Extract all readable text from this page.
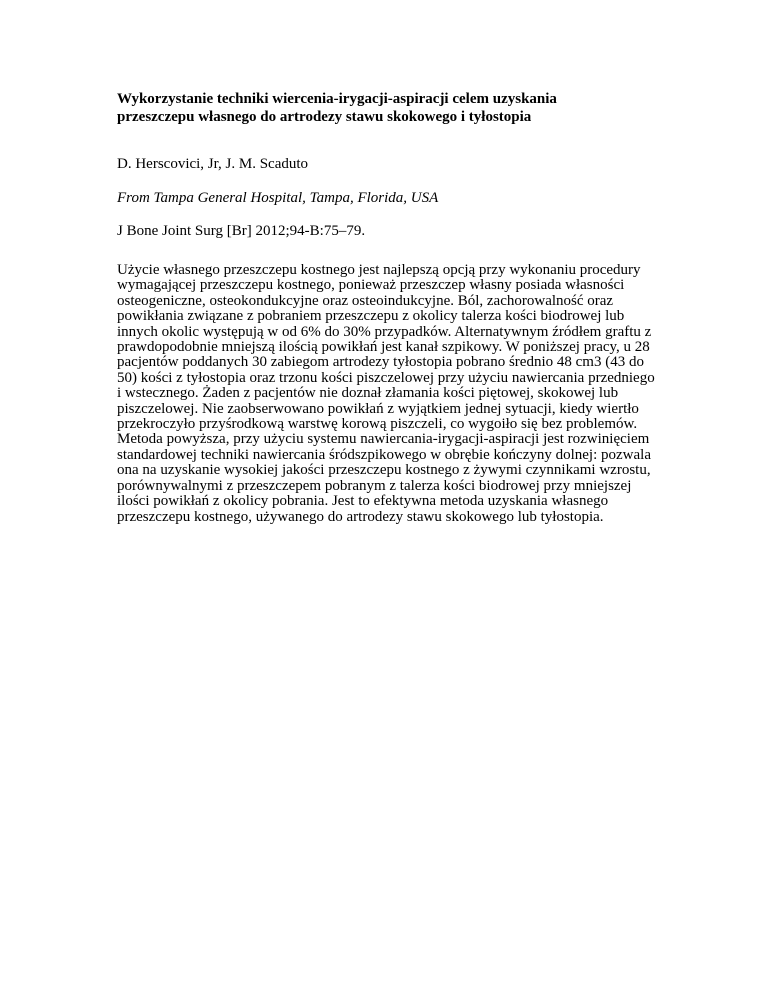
Wykorzystanie techniki wiercenia-irygacji-aspiracji celem uzyskania
przeszczepu własnego do artrodezy stawu skokowego i tyłostopia
D. Herscovici, Jr, J. M. Scaduto
From Tampa General Hospital, Tampa, Florida, USA
J Bone Joint Surg [Br] 2012;94-B:75–79.

Użycie własnego przeszczepu kostnego jest najlepszą opcją przy wykonaniu procedury wymagającej przeszczepu kostnego, ponieważ przeszczep własny posiada własności osteogeniczne, osteokondukcyjne oraz osteoindukcyjne. Ból, zachorowalność oraz powikłania związane z pobraniem przeszczepu z okolicy talerza kości biodrowej lub innych okolic występują w od 6% do 30% przypadków. Alternatywnym źródłem graftu z prawdopodobnie mniejszą ilością powikłań jest kanał szpikowy. W poniższej pracy, u 28 pacjentów poddanych 30 zabiegom artrodezy tyłostopia pobrano średnio 48 cm3 (43 do 50) kości z tyłostopia oraz trzonu kości piszczelowej przy użyciu nawiercania przedniego i wstecznego. Żaden z pacjentów nie doznał złamania kości piętowej, skokowej lub piszczelowej. Nie zaobserwowano powikłań z wyjątkiem jednej sytuacji, kiedy wiertło przekroczyło przyśrodkową warstwę korową piszczeli, co wygoiło się bez problemów.

Metoda powyższa, przy użyciu systemu nawiercania-irygacji-aspiracji jest rozwinięciem standardowej techniki nawiercania śródszpikowego w obrębie kończyny dolnej: pozwala ona na uzyskanie wysokiej jakości przeszczepu kostnego z żywymi czynnikami wzrostu, porównywalnymi z przeszczepem pobranym z talerza kości biodrowej przy mniejszej ilości powikłań z okolicy pobrania. Jest to efektywna metoda uzyskania własnego przeszczepu kostnego, używanego do artrodezy stawu skokowego lub tyłostopia.
